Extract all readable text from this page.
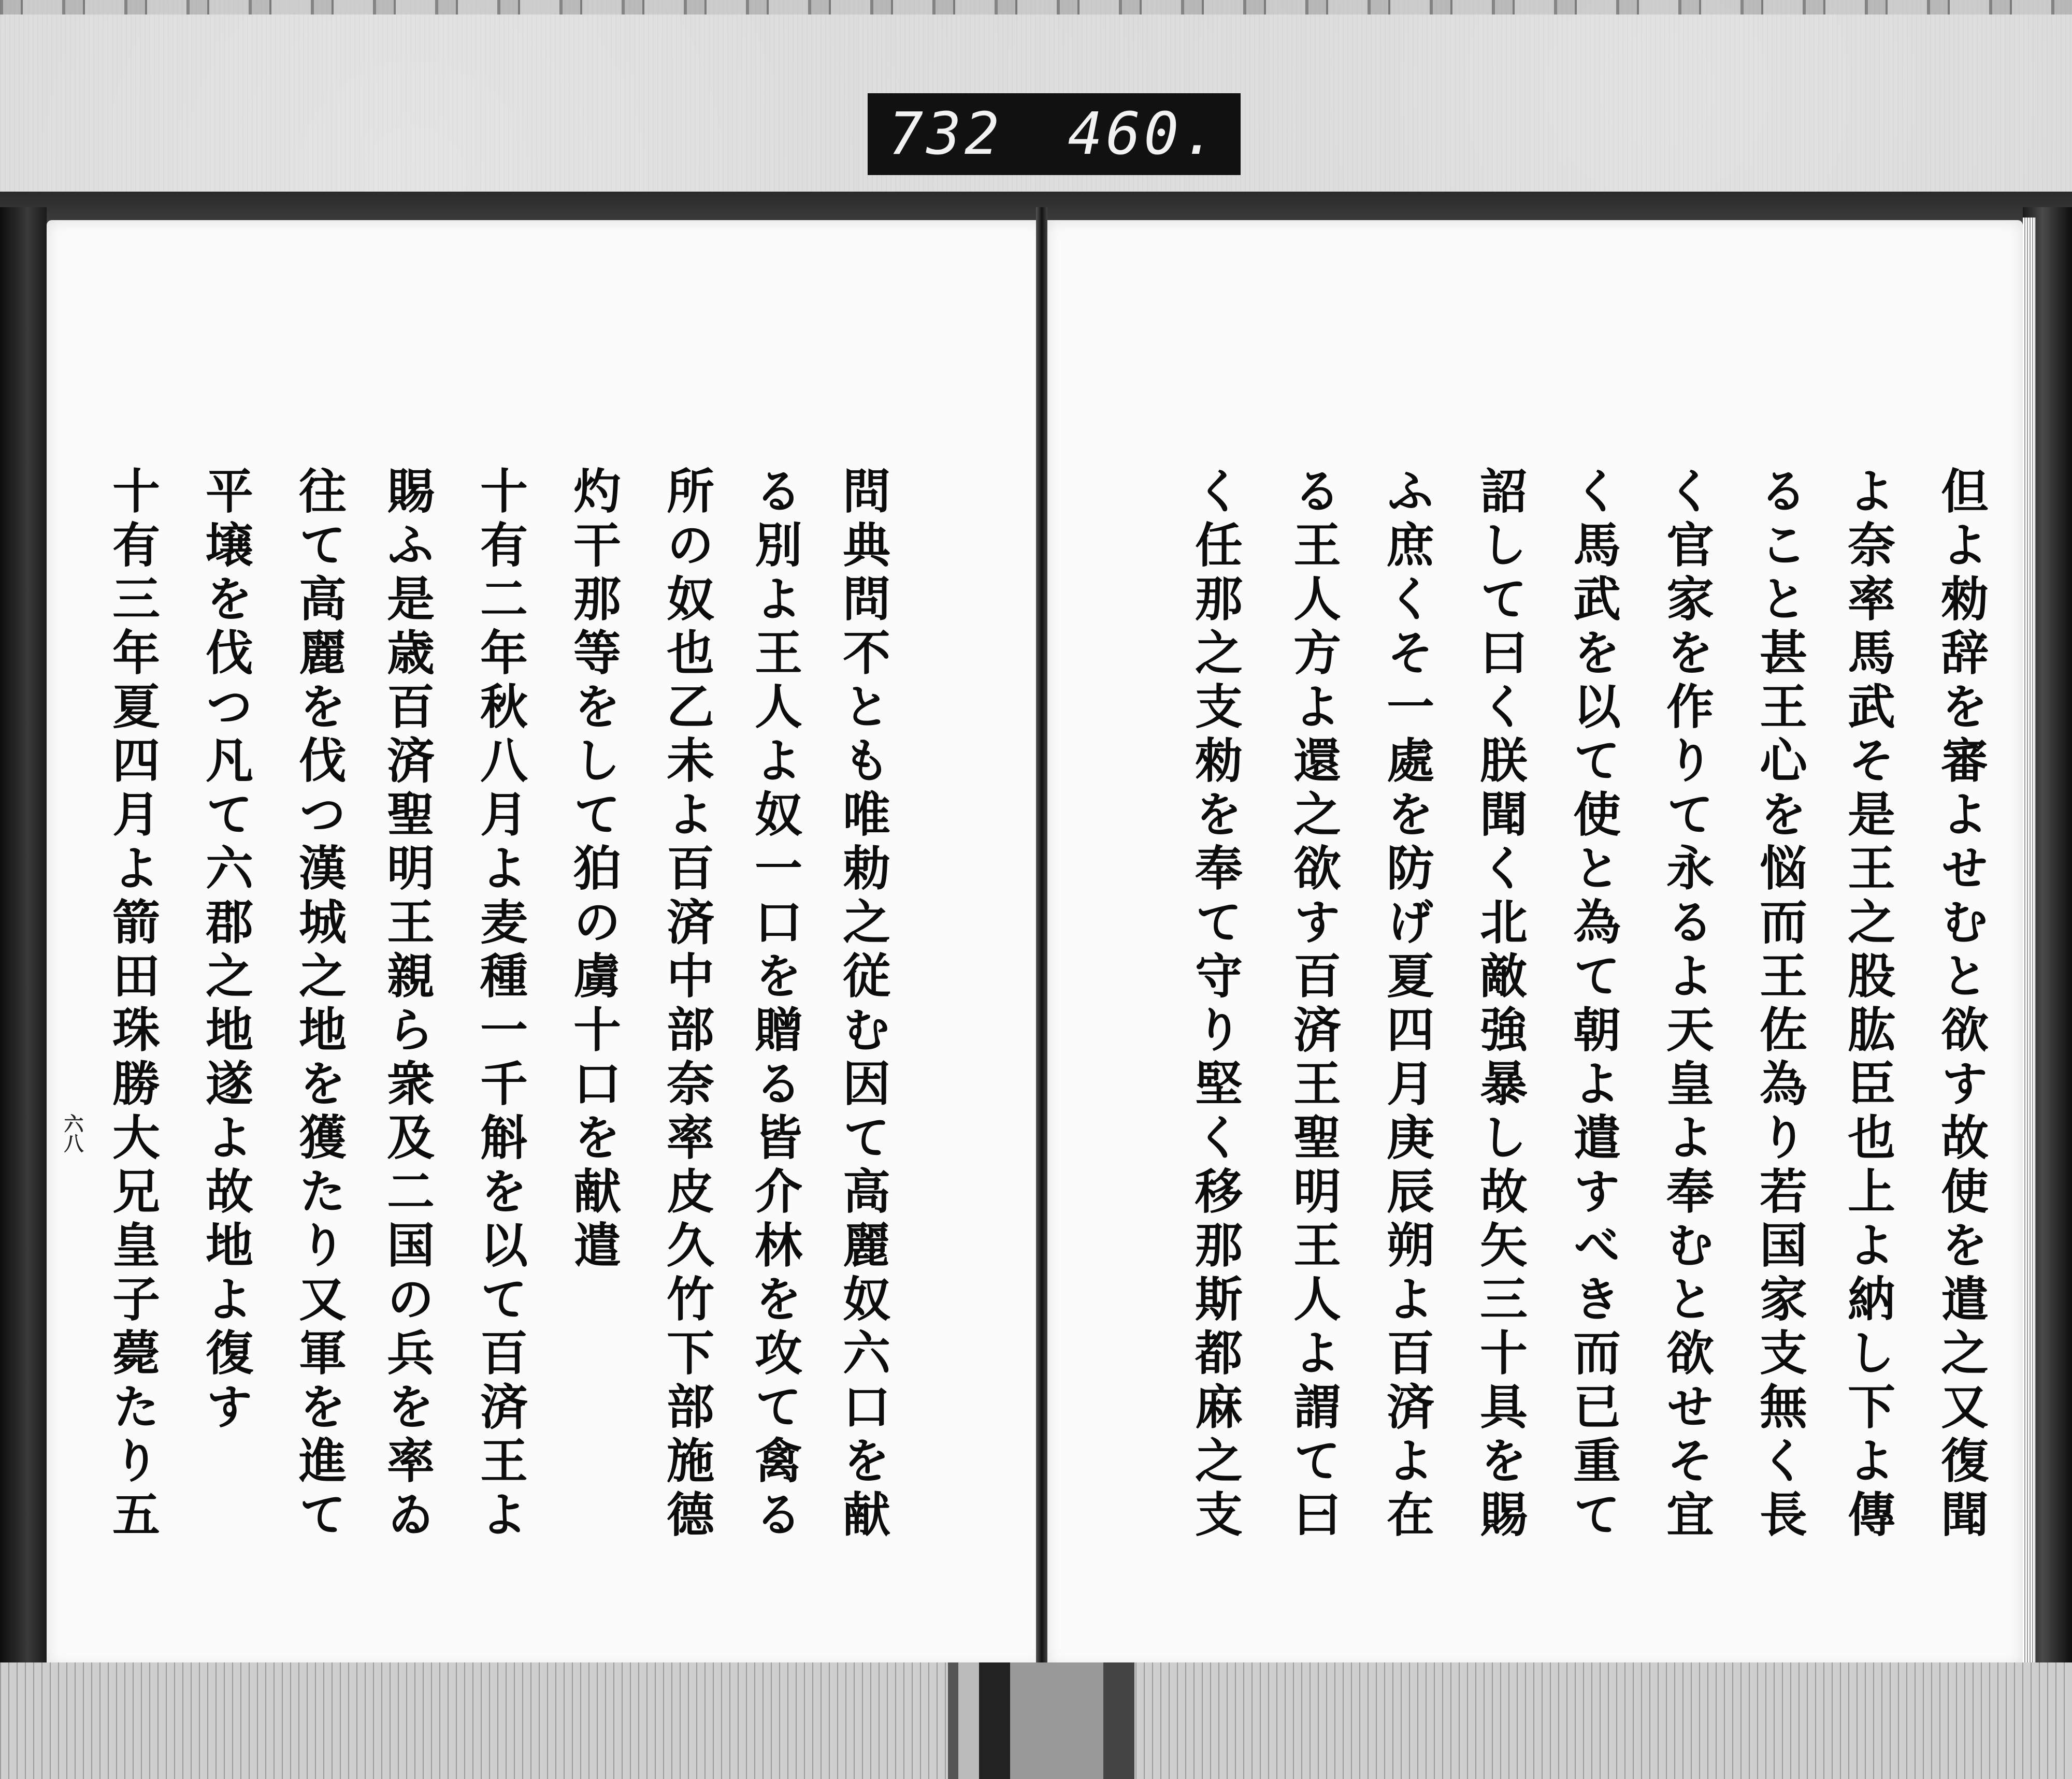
732 460.
問典問不とも唯勅之従む因て高麗奴六口を献
る別よ王人よ奴一口を贈る皆介林を攻て禽る
所の奴也乙未よ百済中部奈率皮久竹下部施德
灼干那等をして狛の虜十口を献遣
十有二年秋八月よ麦種一千斛を以て百済王よ
賜ふ是歳百済聖明王親ら衆及二国の兵を率ゐ
往て高麗を伐つ漢城之地を獲たり又軍を進て
平壌を伐つ凡て六郡之地遂よ故地よ復す
十有三年夏四月よ箭田珠勝大兄皇子薨たり五
六八	但よ勑辞を審よせむと欲す故使を遣之又復聞
よ奈率馬武そ是王之股肱臣也上よ納し下よ傳
ること甚王心を悩而王佐為り若国家支無く長
く官家を作りて永るよ天皇よ奉むと欲せそ宜
く馬武を以て使と為て朝よ遣すべき而已重て
詔して曰く朕聞く北敵強暴し故矢三十具を賜
ふ庶くそ一處を防げ夏四月庚辰朔よ百済よ在
る王人方よ還之欲す百済王聖明王人よ謂て曰
く任那之支勑を奉て守り堅く移那斯都麻之支
